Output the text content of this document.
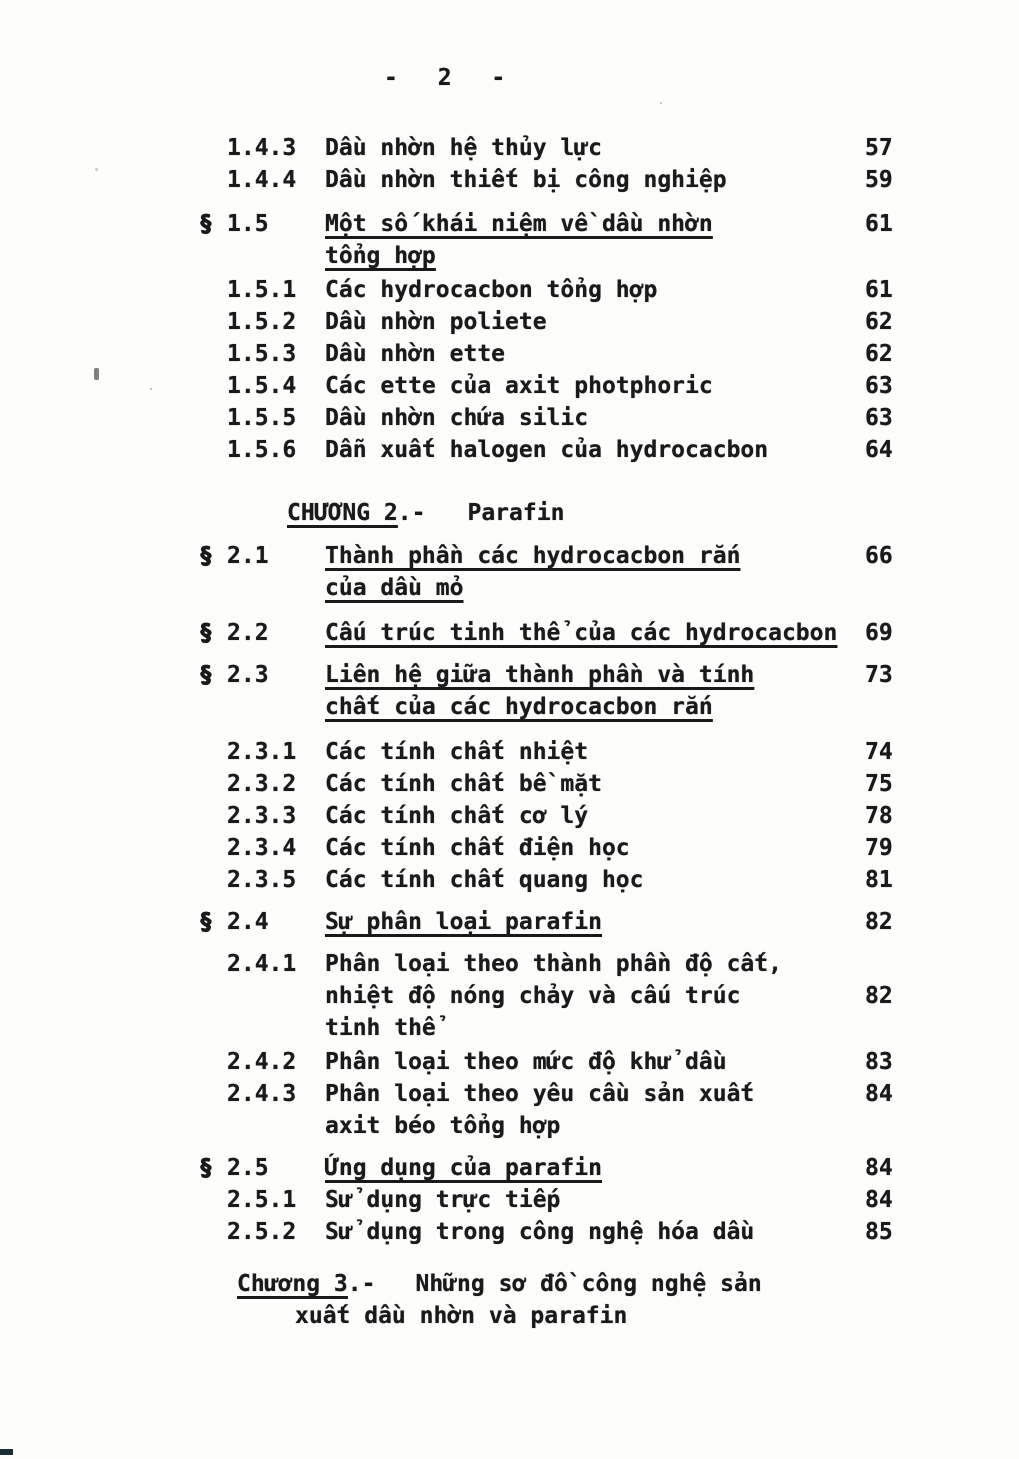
- 2 -
1.4.3	Dầu nhờn hệ thủy lực	57
1.4.4	Dầu nhờn thiết bị công nghiệp	59
§ 1.5	Một số khái niệm về dầu nhờn	61
tổng hợp
1.5.1	Các hydrocacbon tổng hợp	61
1.5.2	Dầu nhờn poliete	62
1.5.3	Dầu nhờn ette	62
1.5.4	Các ette của axit photphoric	63
1.5.5	Dầu nhờn chứa silic	63
1.5.6	Dẫn xuất halogen của hydrocacbon	64
CHƯƠNG 2 .- Parafin
§ 2.1	Thành phần các hydrocacbon rắn	66
của dầu mỏ
§ 2.2	Cấu trúc tinh thể của các hydrocacbon	69
§ 2.3	Liên hệ giữa thành phần và tính	73
chất của các hydrocacbon rắn
2.3.1	Các tính chất nhiệt	74
2.3.2	Các tính chất bề mặt	75
2.3.3	Các tính chất cơ lý	78
2.3.4	Các tính chất điện học	79
2.3.5	Các tính chất quang học	81
§ 2.4	Sự phân loại parafin	82
2.4.1	Phân loại theo thành phần độ cất,
nhiệt độ nóng chảy và cấu trúc	82
tinh thể
2.4.2	Phân loại theo mức độ khử dầu	83
2.4.3	Phân loại theo yêu cầu sản xuất	84
axit béo tổng hợp
§ 2.5	Ứng dụng của parafin	84
2.5.1	Sử dụng trực tiếp	84
2.5.2	Sử dụng trong công nghệ hóa dầu	85
Chương 3 .- Những sơ đồ công nghệ sản
xuất dầu nhờn và parafin
